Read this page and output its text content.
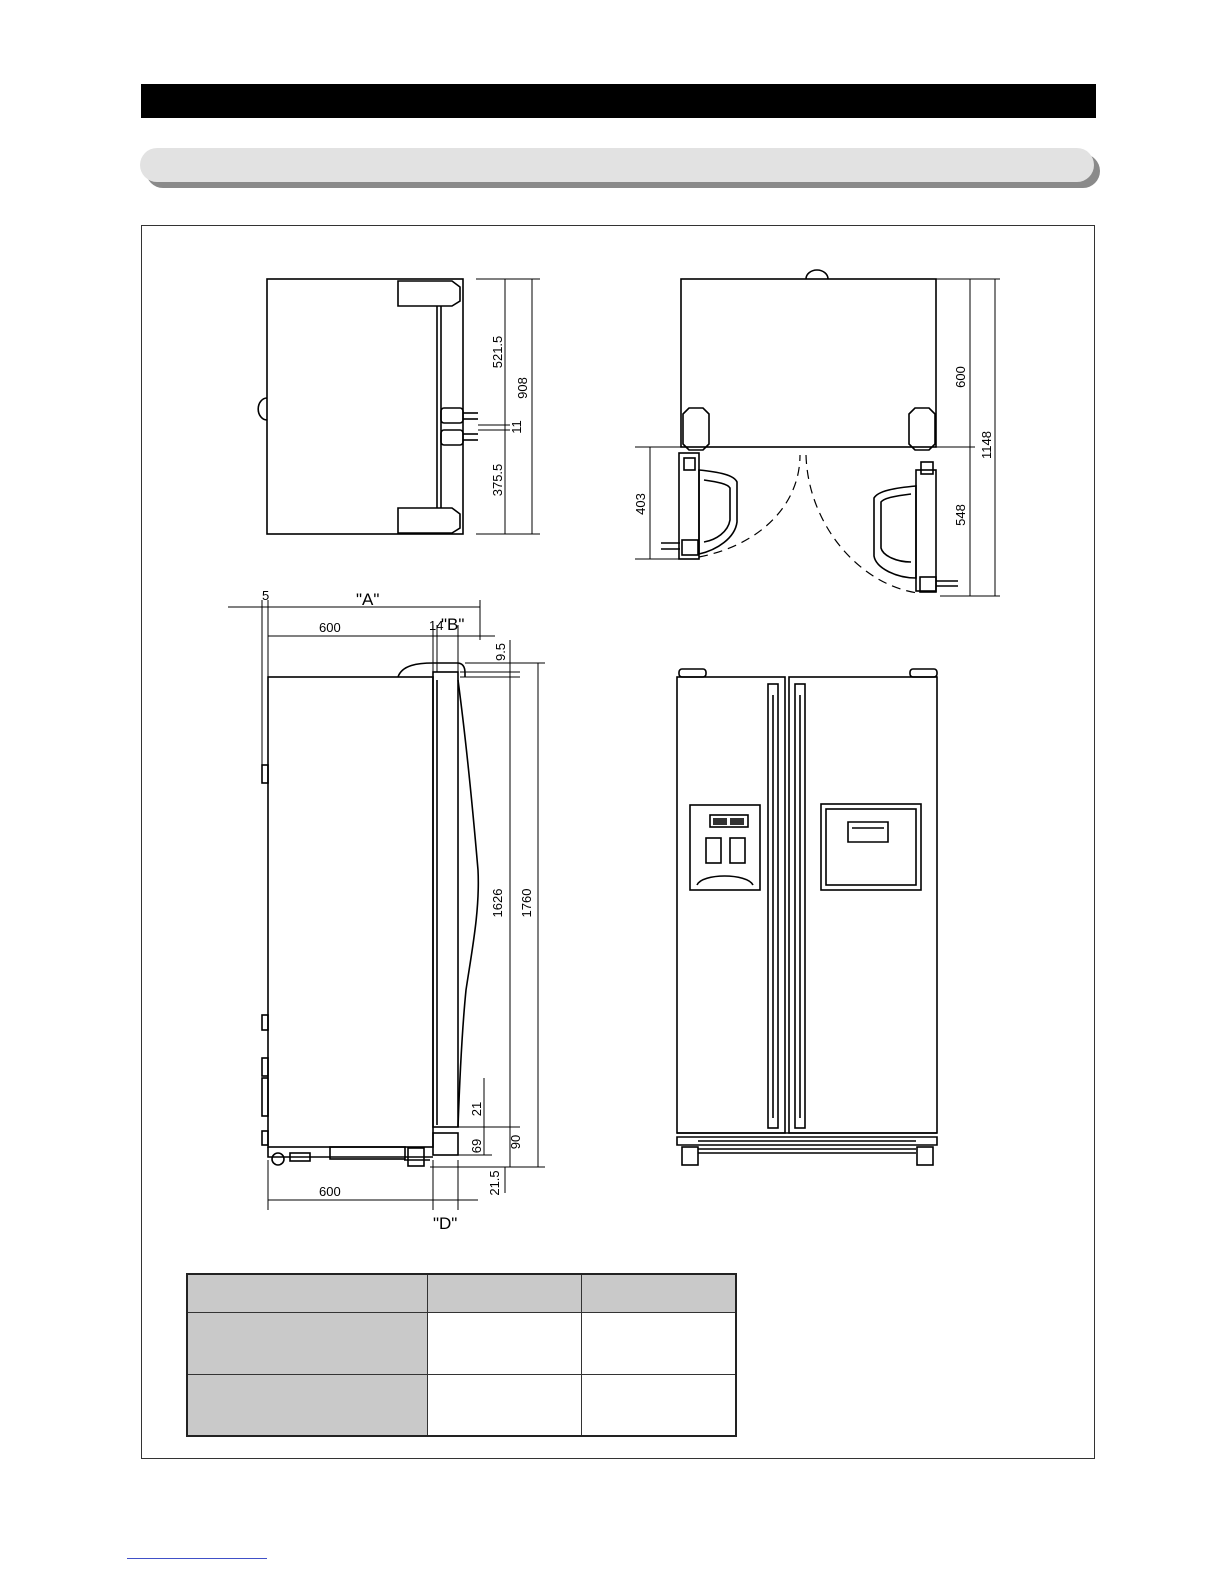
521.5
908
11
375.5
600
1148
548
403
5	"A"
600	14
"B"
9.5
1626 1760
21
69 90
21.5
600
"D"
